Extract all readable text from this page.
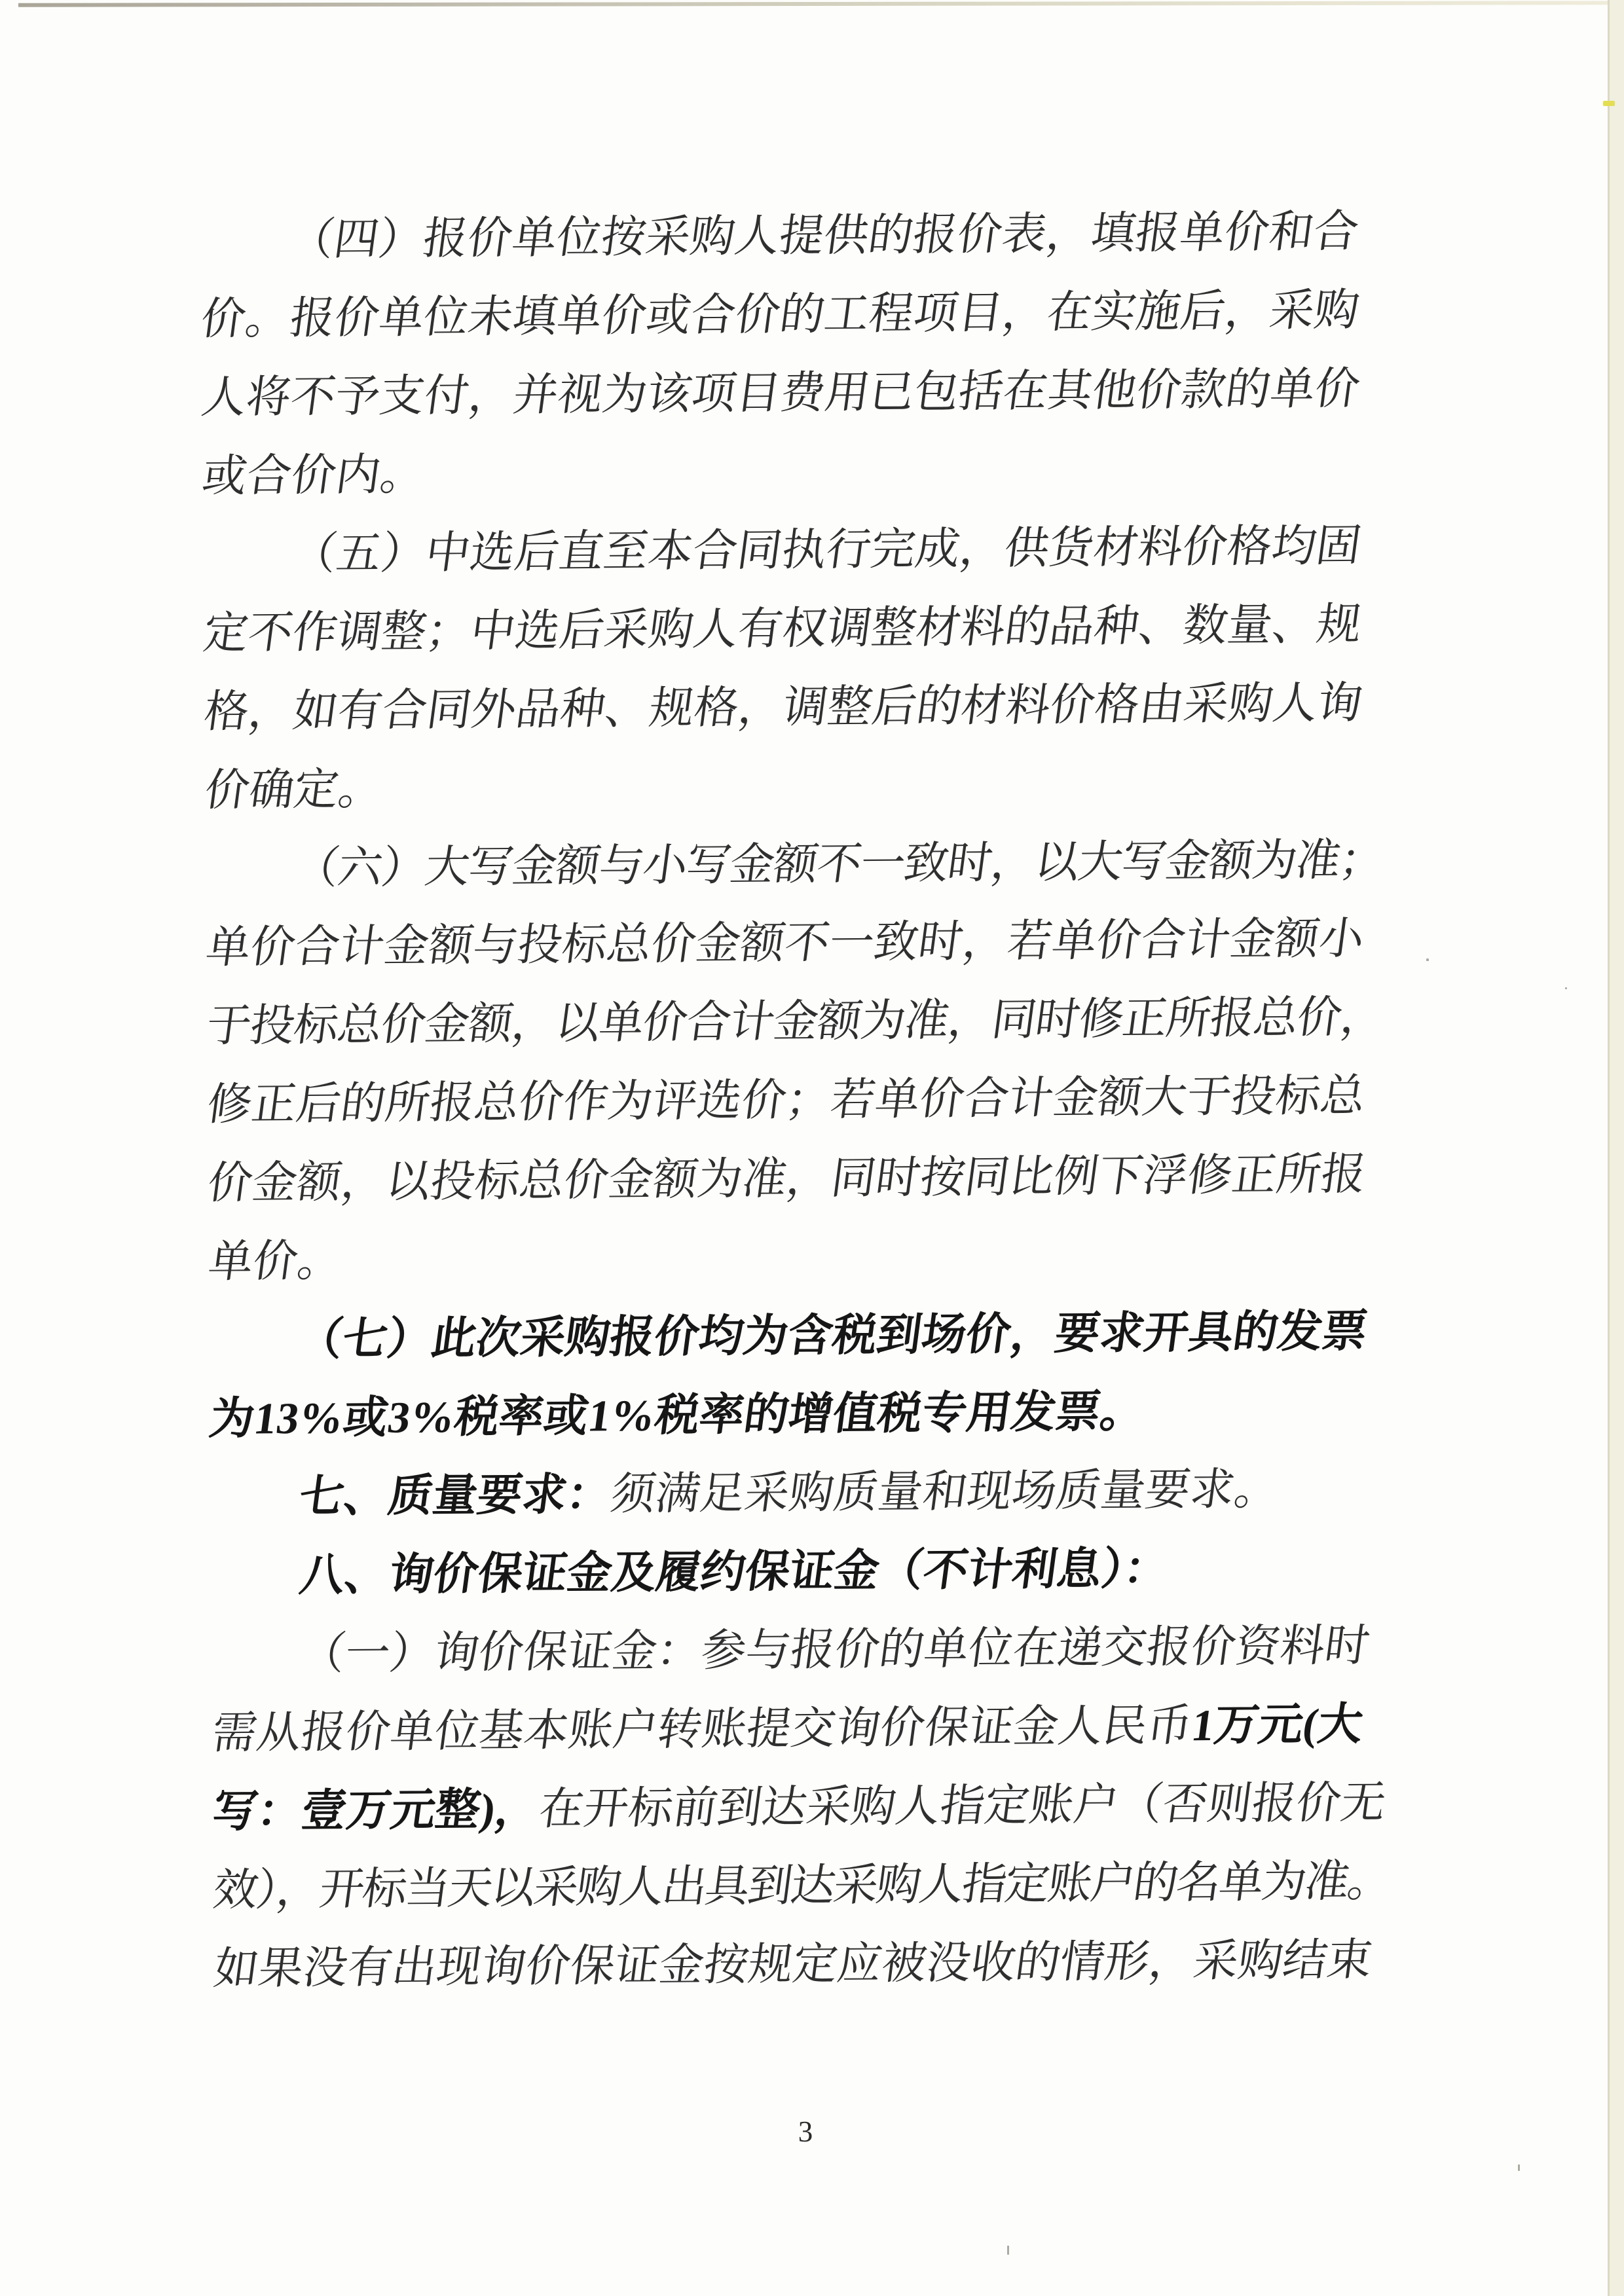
（四）报价单位按采购人提供的报价表，填报单价和合
价。报价单位未填单价或合价的工程项目，在实施后，采购
人将不予支付，并视为该项目费用已包括在其他价款的单价
或合价内。
（五）中选后直至本合同执行完成，供货材料价格均固
定不作调整；中选后采购人有权调整材料的品种、数量、规
格，如有合同外品种、规格，调整后的材料价格由采购人询
价确定。
（六）大写金额与小写金额不一致时，以大写金额为准；
单价合计金额与投标总价金额不一致时，若单价合计金额小
于投标总价金额，以单价合计金额为准，同时修正所报总价，
修正后的所报总价作为评选价；若单价合计金额大于投标总
价金额，以投标总价金额为准，同时按同比例下浮修正所报
单价。
（七）此次采购报价均为含税到场价，要求开具的发票
为13%或3%税率或1%税率的增值税专用发票。
七、质量要求：须满足采购质量和现场质量要求。
八、询价保证金及履约保证金（不计利息）：
（一）询价保证金：参与报价的单位在递交报价资料时
需从报价单位基本账户转账提交询价保证金人民币1万元(大
写：壹万元整)，在开标前到达采购人指定账户（否则报价无
效），开标当天以采购人出具到达采购人指定账户的名单为准。
如果没有出现询价保证金按规定应被没收的情形，采购结束
3
